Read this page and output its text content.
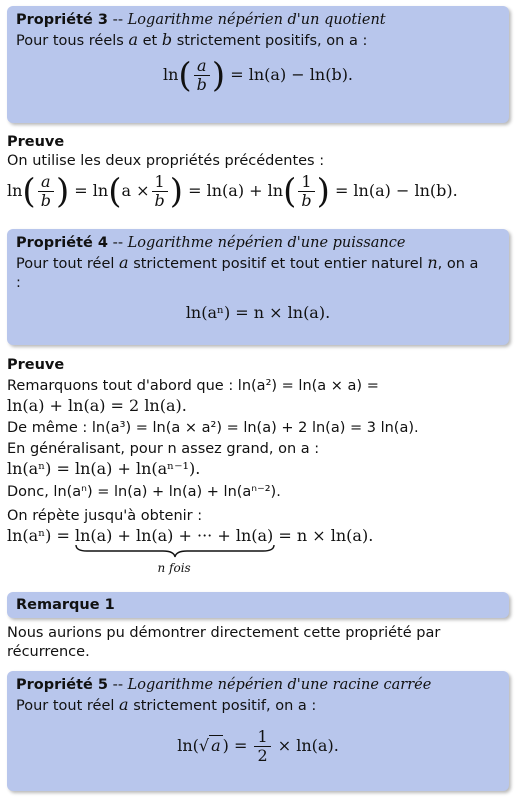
Propriété 3 -- Logarithme népérien d'un quotient
Pour tous réels a et b strictement positifs, on a :
$\ln( \frac{a}{b}$ ) = ln(a) − ln(b).
Preuve
On utilise les deux propriétés précédentes :
$\ln( \frac{a}{b}$ ) = $\ln(a \times \frac{1}{b}$ ) = $\ln(a) + \ln( \frac{1}{b}$ ) = ln(a) − ln(b).
Propriété 4 -- Logarithme népérien d'une puissance
Pour tout réel a strictement positif et tout entier naturel n, on a
:
ln(aⁿ) = n × ln(a).
Preuve
Remarquons tout d'abord que : ln(a²) = ln(a × a) =
ln(a) + ln(a) = 2 ln(a).
De même : ln(a³) = ln(a × a²) = ln(a) + 2 ln(a) = 3 ln(a).
En généralisant, pour n assez grand, on a :
ln(aⁿ) = ln(a) + ln(aⁿ⁻¹).
Donc, ln(aⁿ) = ln(a) + ln(a) + ln(aⁿ⁻²).
On répète jusqu'à obtenir :
ln(aⁿ) = ln(a) + ln(a) + ··· + ln(a)
n fois
= n × ln(a).
Remarque 1
Nous aurions pu démontrer directement cette propriété par récurrence.
Propriété 5 -- Logarithme népérien d'une racine carrée
Pour tout réel a strictement positif, on a :
ln(√ a ) = $\frac{1}{2} \times \ln(a)$.
